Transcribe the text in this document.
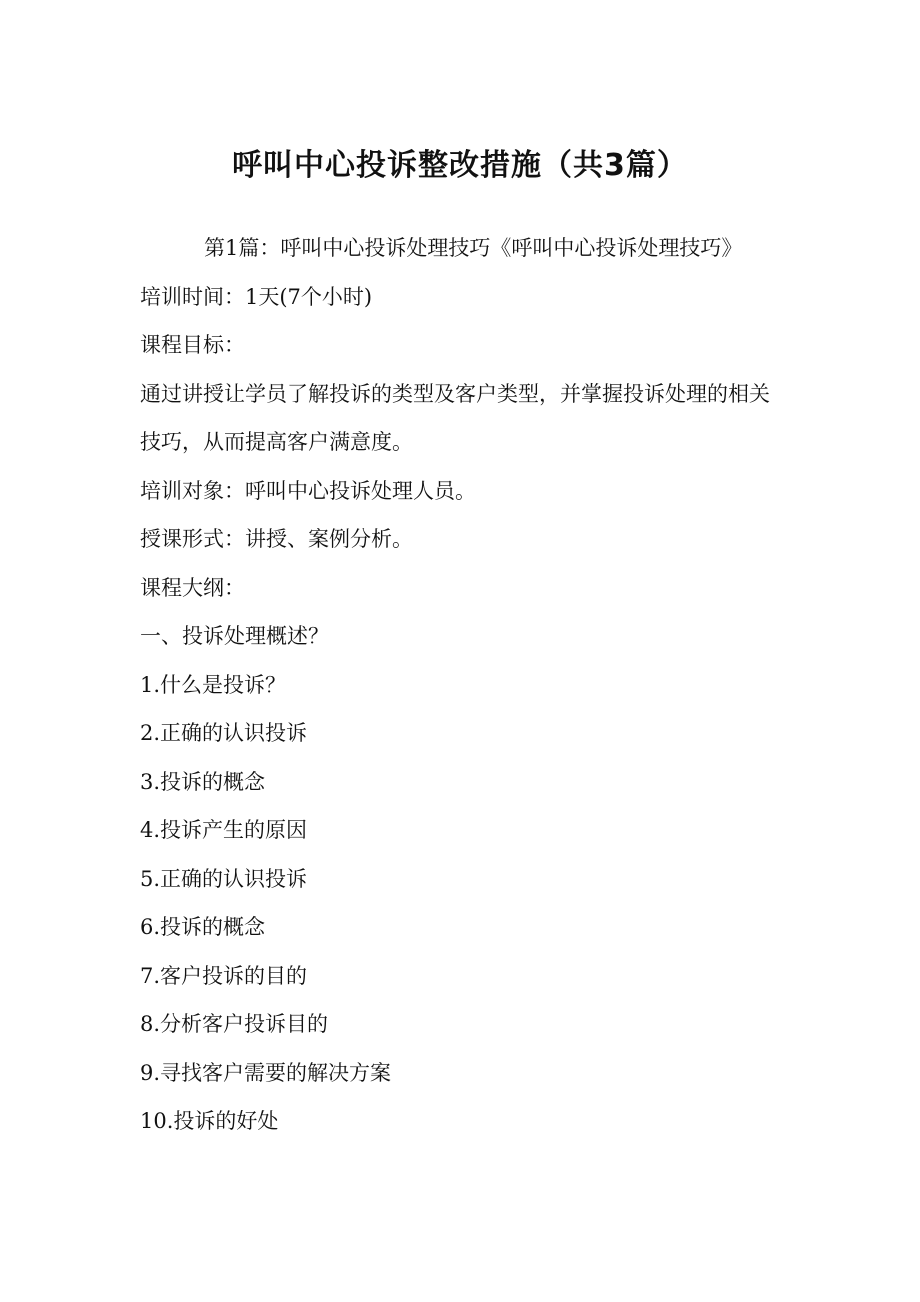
呼叫中心投诉整改措施（共3篇）

第1篇：呼叫中心投诉处理技巧《呼叫中心投诉处理技巧》

培训时间：1天(7个小时)

课程目标：

通过讲授让学员了解投诉的类型及客户类型，并掌握投诉处理的相关技巧，从而提高客户满意度。

培训对象：呼叫中心投诉处理人员。

授课形式：讲授、案例分析。

课程大纲：

一、投诉处理概述？

1.什么是投诉？

2.正确的认识投诉

3.投诉的概念

4.投诉产生的原因

5.正确的认识投诉

6.投诉的概念

7.客户投诉的目的

8.分析客户投诉目的

9.寻找客户需要的解决方案

10.投诉的好处
